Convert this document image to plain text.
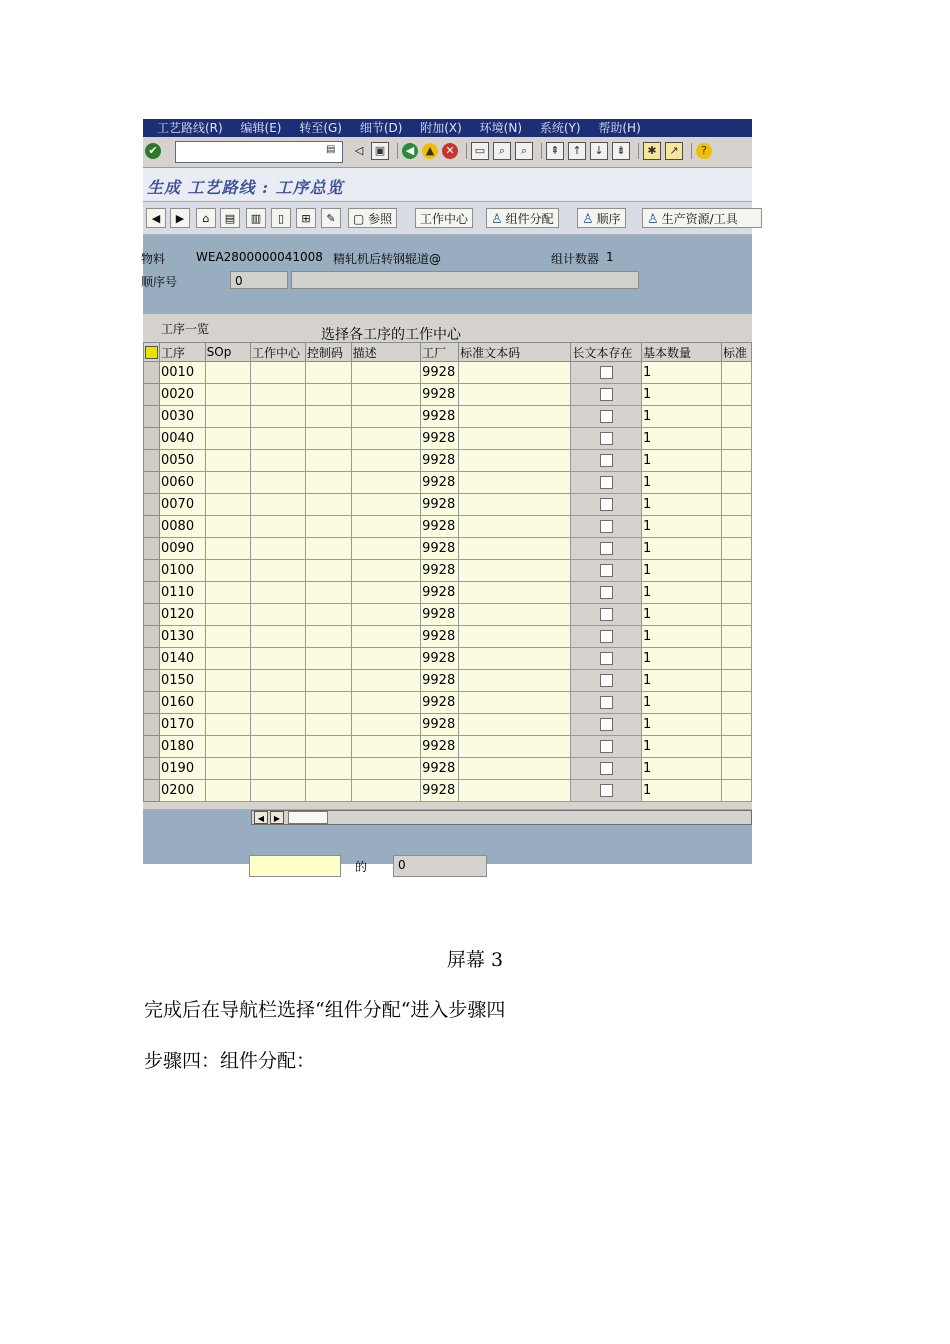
工艺路线(R) 编辑(E) 转至(G) 细节(D) 附加(X) 环境(N) 系统(Y) 帮助(H)
✔	▤	◁ ▣ ◀ ▲ ✕ ▭ ⌕ ⌕ ⇞ ↑ ↓ ⇟ ✱ ↗ ?
生成 工艺路线 : 工序总览
◀	▶	⌂	▤	▥	▯	⊞	✎	▢ 参照	工作中心	♙ 组件分配	♙ 顺序	♙ 生产资源/工具
物料	WEA2800000041008 精轧机后转钢辊道@	组计数器 1
顺序号	0
工序一览	选择各工序的工作中心
	工序	SOp	工作中心	控制码	描述	工厂	标准文本码	长文本存在	基本数量	标准
	0010					9928			1	
	0020					9928			1	
	0030					9928			1	
	0040					9928			1	
	0050					9928			1	
	0060					9928			1	
	0070					9928			1	
	0080					9928			1	
	0090					9928			1	
	0100					9928			1	
	0110					9928			1	
	0120					9928			1	
	0130					9928			1	
	0140					9928			1	
	0150					9928			1	
	0160					9928			1	
	0170					9928			1	
	0180					9928			1	
	0190					9928			1	
	0200					9928			1	
◀	▶
的	0
屏幕 3
完成后在导航栏选择“组件分配“进入步骤四
步骤四：组件分配：
